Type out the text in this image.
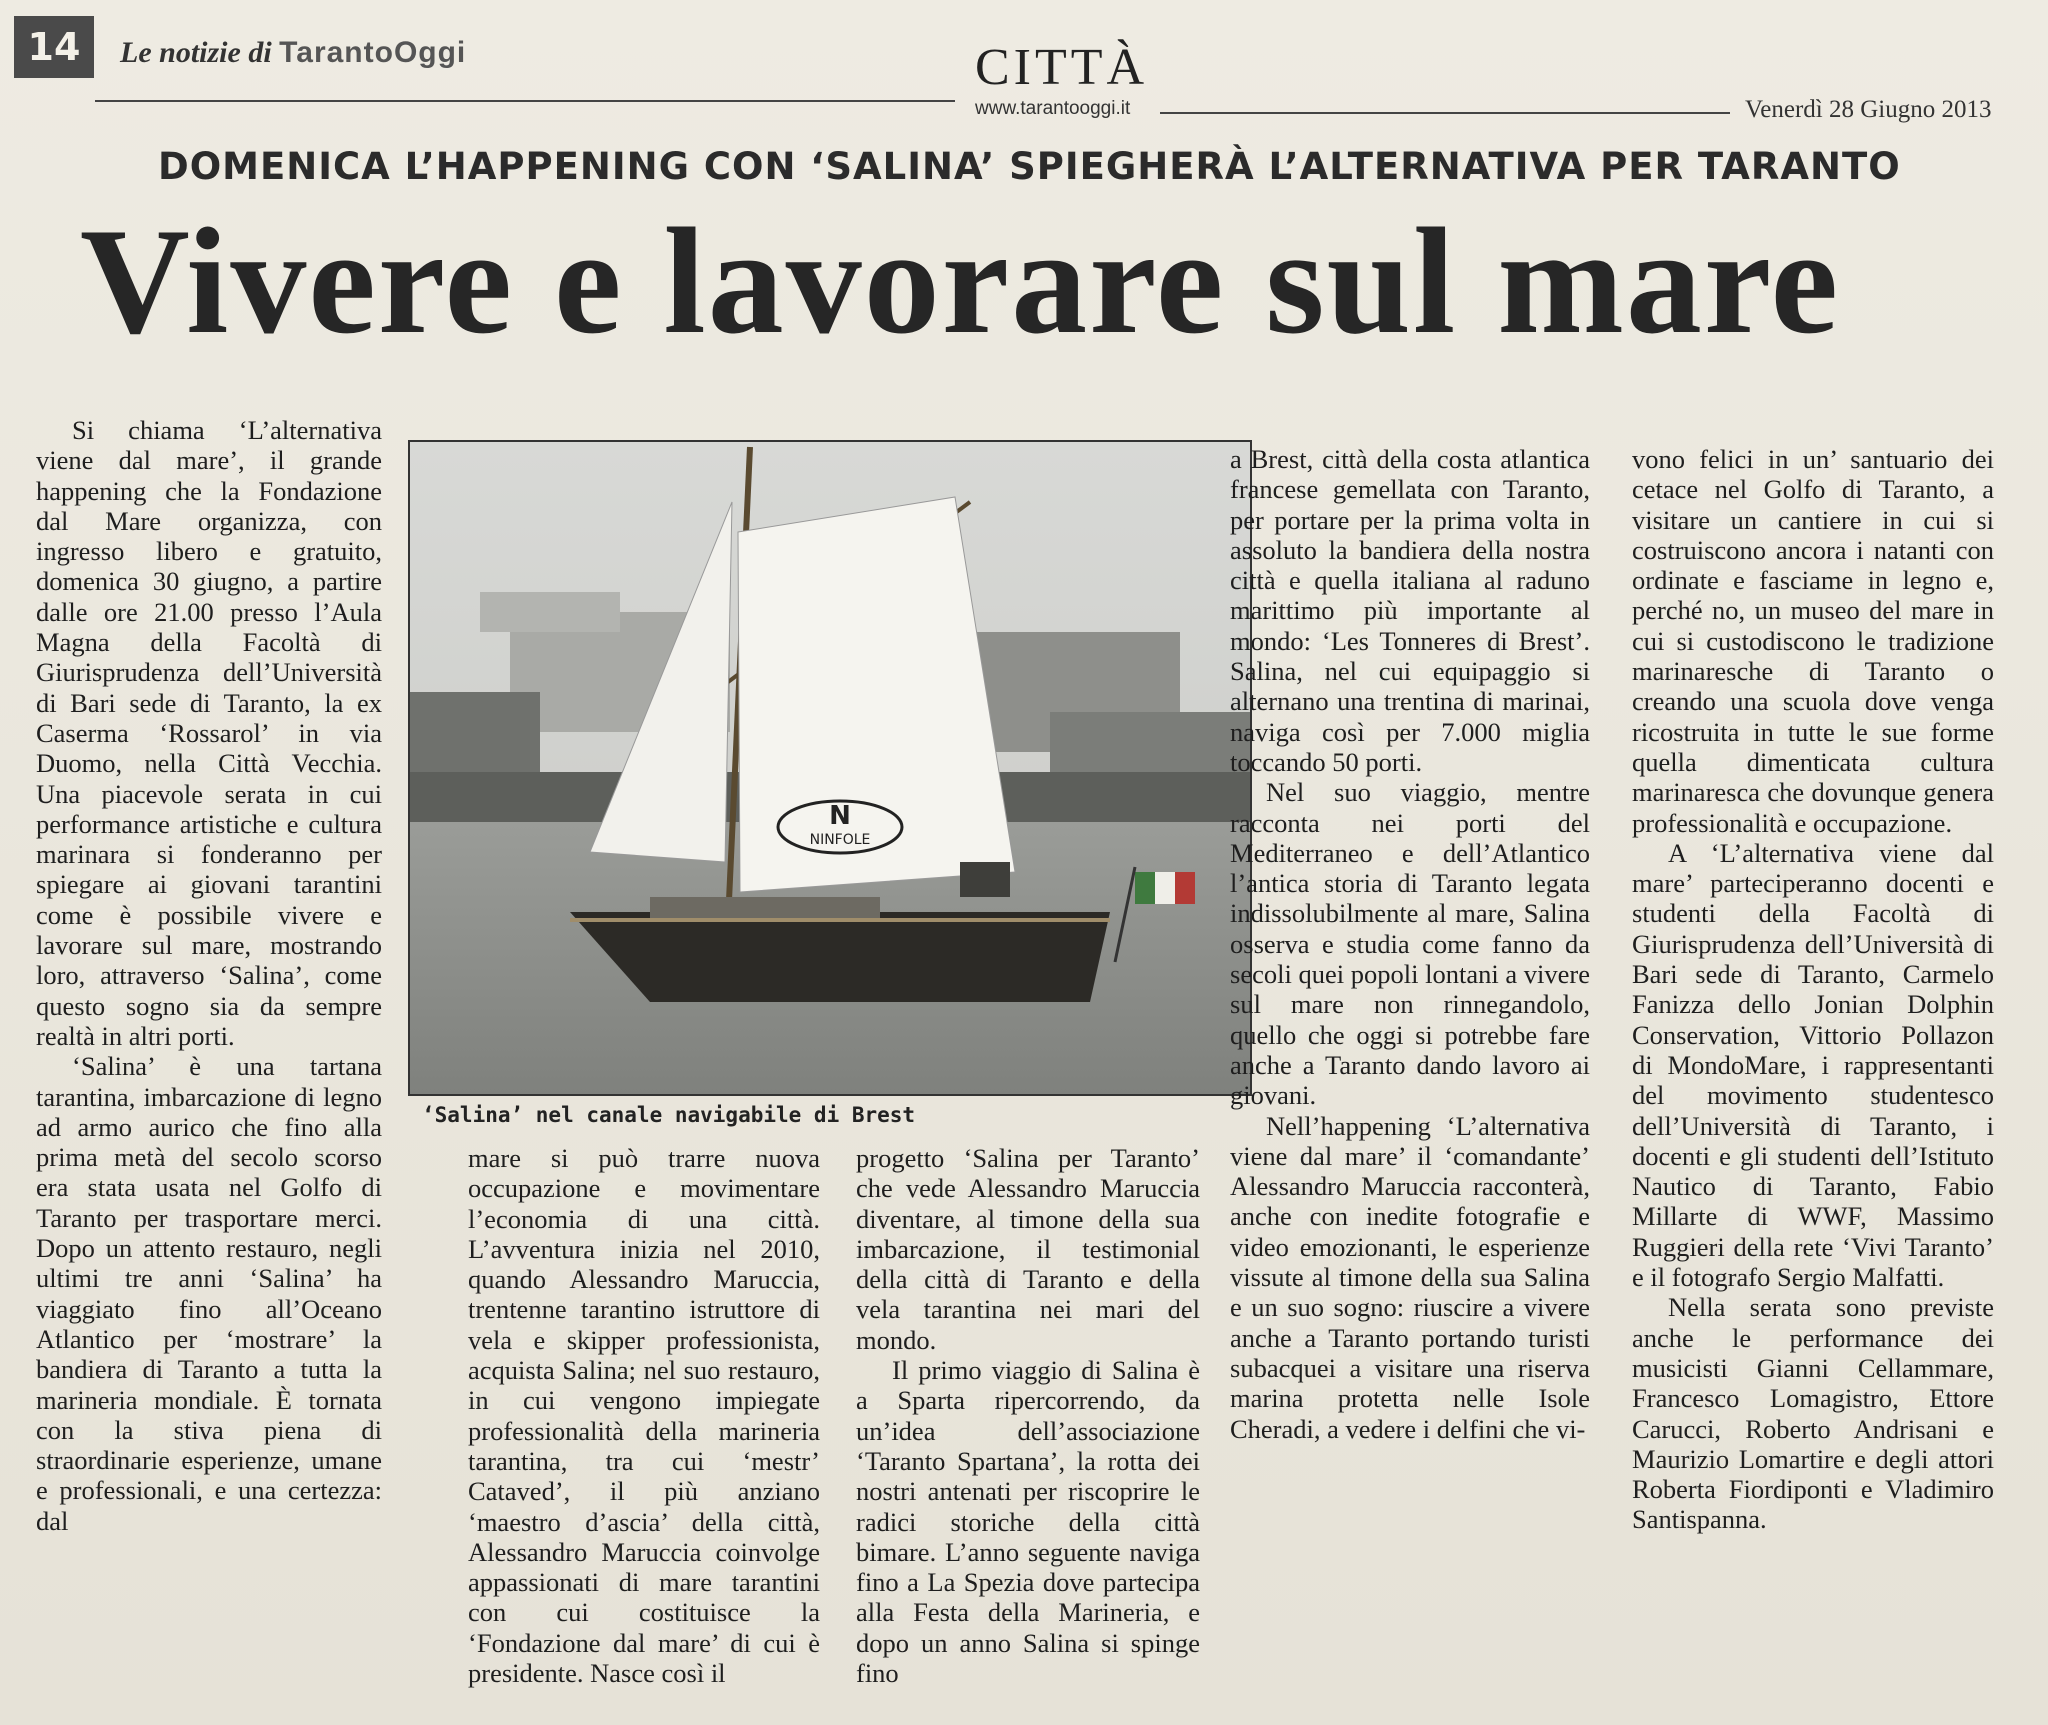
14	Le notizie di TarantoOggi	CITTÀ
www.tarantooggi.it	Venerdì 28 Giugno 2013
DOMENICA L’HAPPENING CON ‘SALINA’ SPIEGHERÀ L’ALTERNATIVA PER TARANTO
Vivere e lavorare sul mare

Si chiama ‘L’alternativa viene dal mare’, il grande happening che la Fondazione dal Mare organizza, con ingresso libero e gratuito, domenica 30 giugno, a partire dalle ore 21.00 presso l’Aula Magna della Facoltà di Giurisprudenza dell’Università di Bari sede di Taranto, la ex Caserma ‘Rossarol’ in via Duomo, nella Città Vecchia. Una piacevole serata in cui performance artistiche e cultura marinara si fonderanno per spiegare ai giovani tarantini come è possibile vivere e lavorare sul mare, mostrando loro, attraverso ‘Salina’, come questo sogno sia da sempre realtà in altri porti.

‘Salina’ è una tartana tarantina, imbarcazione di legno ad armo aurico che fino alla prima metà del secolo scorso era stata usata nel Golfo di Taranto per trasportare merci. Dopo un attento restauro, negli ultimi tre anni ‘Salina’ ha viaggiato fino all’Oceano Atlantico per ‘mostrare’ la bandiera di Taranto a tutta la marineria mondiale. È tornata con la stiva piena di straordinarie esperienze, umane e professionali, e una certezza: dal

N
NINFOLE
‘Salina’ nel canale navigabile di Brest

mare si può trarre nuova occupazione e movimentare l’economia di una città. L’avventura inizia nel 2010, quando Alessandro Maruccia, trentenne tarantino istruttore di vela e skipper professionista, acquista Salina; nel suo restauro, in cui vengono impiegate professionalità della marineria tarantina, tra cui ‘mestr’ Cataved’, il più anziano ‘maestro d’ascia’ della città, Alessandro Maruccia coinvolge appassionati di mare tarantini con cui costituisce la ‘Fondazione dal mare’ di cui è presidente. Nasce così il

progetto ‘Salina per Taranto’ che vede Alessandro Maruccia diventare, al timone della sua imbarcazione, il testimonial della città di Taranto e della vela tarantina nei mari del mondo.

Il primo viaggio di Salina è a Sparta ripercorrendo, da un’idea dell’associazione ‘Taranto Spartana’, la rotta dei nostri antenati per riscoprire le radici storiche della città bimare. L’anno seguente naviga fino a La Spezia dove partecipa alla Festa della Marineria, e dopo un anno Salina si spinge fino

a Brest, città della costa atlantica francese gemellata con Taranto, per portare per la prima volta in assoluto la bandiera della nostra città e quella italiana al raduno marittimo più importante al mondo: ‘Les Tonneres di Brest’. Salina, nel cui equipaggio si alternano una trentina di marinai, naviga così per 7.000 miglia toccando 50 porti.

Nel suo viaggio, mentre racconta nei porti del Mediterraneo e dell’Atlantico l’antica storia di Taranto legata indissolubilmente al mare, Salina osserva e studia come fanno da secoli quei popoli lontani a vivere sul mare non rinnegandolo, quello che oggi si potrebbe fare anche a Taranto dando lavoro ai giovani.

Nell’happening ‘L’alternativa viene dal mare’ il ‘comandante’ Alessandro Maruccia racconterà, anche con inedite fotografie e video emozionanti, le esperienze vissute al timone della sua Salina e un suo sogno: riuscire a vivere anche a Taranto portando turisti subacquei a visitare una riserva marina protetta nelle Isole Cheradi, a vedere i delfini che vi-

vono felici in un’ santuario dei cetace nel Golfo di Taranto, a visitare un cantiere in cui si costruiscono ancora i natanti con ordinate e fasciame in legno e, perché no, un museo del mare in cui si custodiscono le tradizione marinaresche di Taranto o creando una scuola dove venga ricostruita in tutte le sue forme quella dimenticata cultura marinaresca che dovunque genera professionalità e occupazione.

A ‘L’alternativa viene dal mare’ parteciperanno docenti e studenti della Facoltà di Giurisprudenza dell’Università di Bari sede di Taranto, Carmelo Fanizza dello Jonian Dolphin Conservation, Vittorio Pollazon di MondoMare, i rappresentanti del movimento studentesco dell’Università di Taranto, i docenti e gli studenti dell’Istituto Nautico di Taranto, Fabio Millarte di WWF, Massimo Ruggieri della rete ‘Vivi Taranto’ e il fotografo Sergio Malfatti.

Nella serata sono previste anche le performance dei musicisti Gianni Cellammare, Francesco Lomagistro, Ettore Carucci, Roberto Andrisani e Maurizio Lomartire e degli attori Roberta Fiordiponti e Vladimiro Santispanna.
